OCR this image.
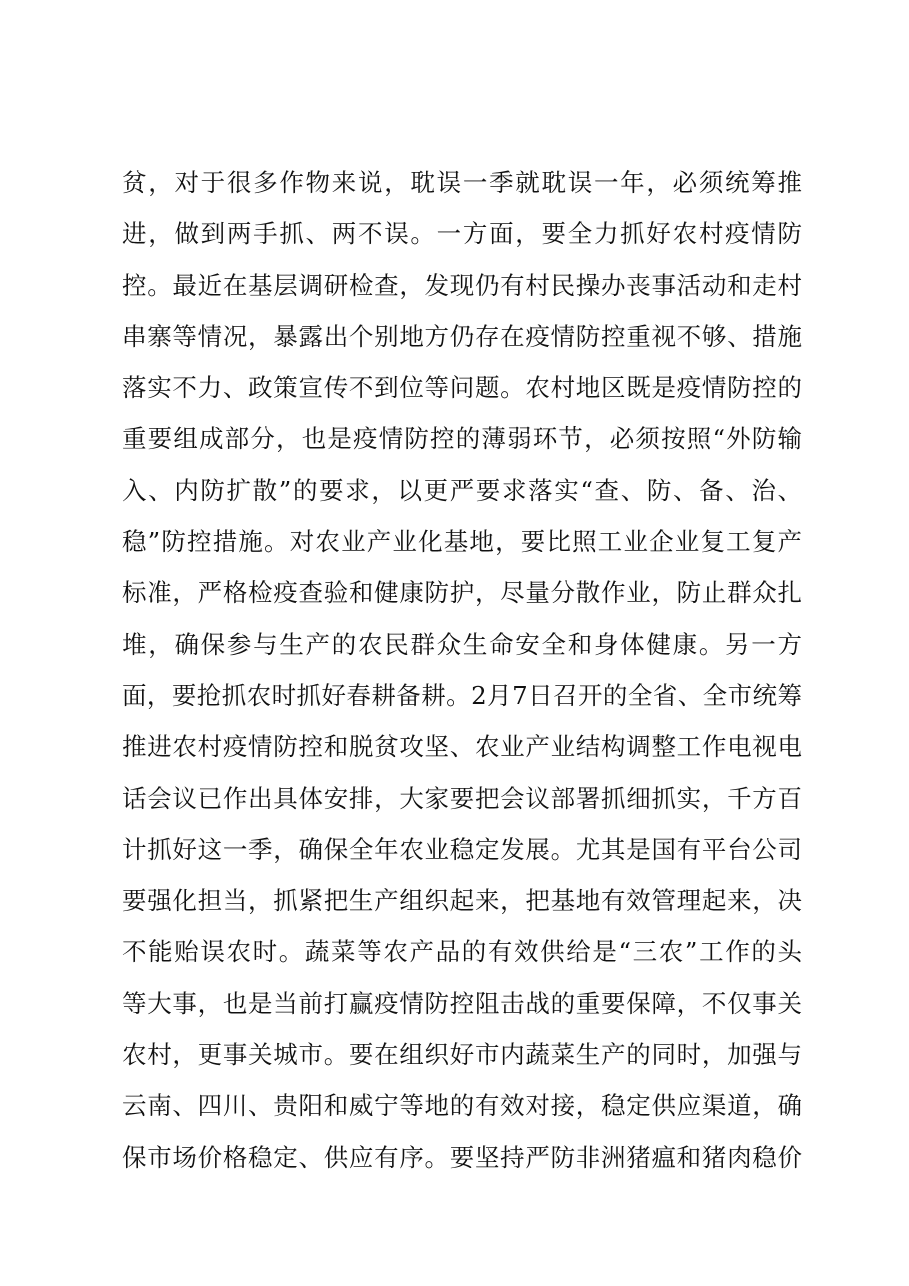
贫，对于很多作物来说，耽误一季就耽误一年，必须统筹推
进，做到两手抓、两不误。一方面，要全力抓好农村疫情防
控。最近在基层调研检查，发现仍有村民操办丧事活动和走村
串寨等情况，暴露出个别地方仍存在疫情防控重视不够、措施
落实不力、政策宣传不到位等问题。农村地区既是疫情防控的
重要组成部分，也是疫情防控的薄弱环节，必须按照“外防输
入、内防扩散”的要求，以更严要求落实“查、防、备、治、
稳”防控措施。对农业产业化基地，要比照工业企业复工复产
标准，严格检疫查验和健康防护，尽量分散作业，防止群众扎
堆，确保参与生产的农民群众生命安全和身体健康。另一方
面，要抢抓农时抓好春耕备耕。2月7日召开的全省、全市统筹
推进农村疫情防控和脱贫攻坚、农业产业结构调整工作电视电
话会议已作出具体安排，大家要把会议部署抓细抓实，千方百
计抓好这一季，确保全年农业稳定发展。尤其是国有平台公司
要强化担当，抓紧把生产组织起来，把基地有效管理起来，决
不能贻误农时。蔬菜等农产品的有效供给是“三农”工作的头
等大事，也是当前打赢疫情防控阻击战的重要保障，不仅事关
农村，更事关城市。要在组织好市内蔬菜生产的同时，加强与
云南、四川、贵阳和威宁等地的有效对接，稳定供应渠道，确
保市场价格稳定、供应有序。要坚持严防非洲猪瘟和猪肉稳价
